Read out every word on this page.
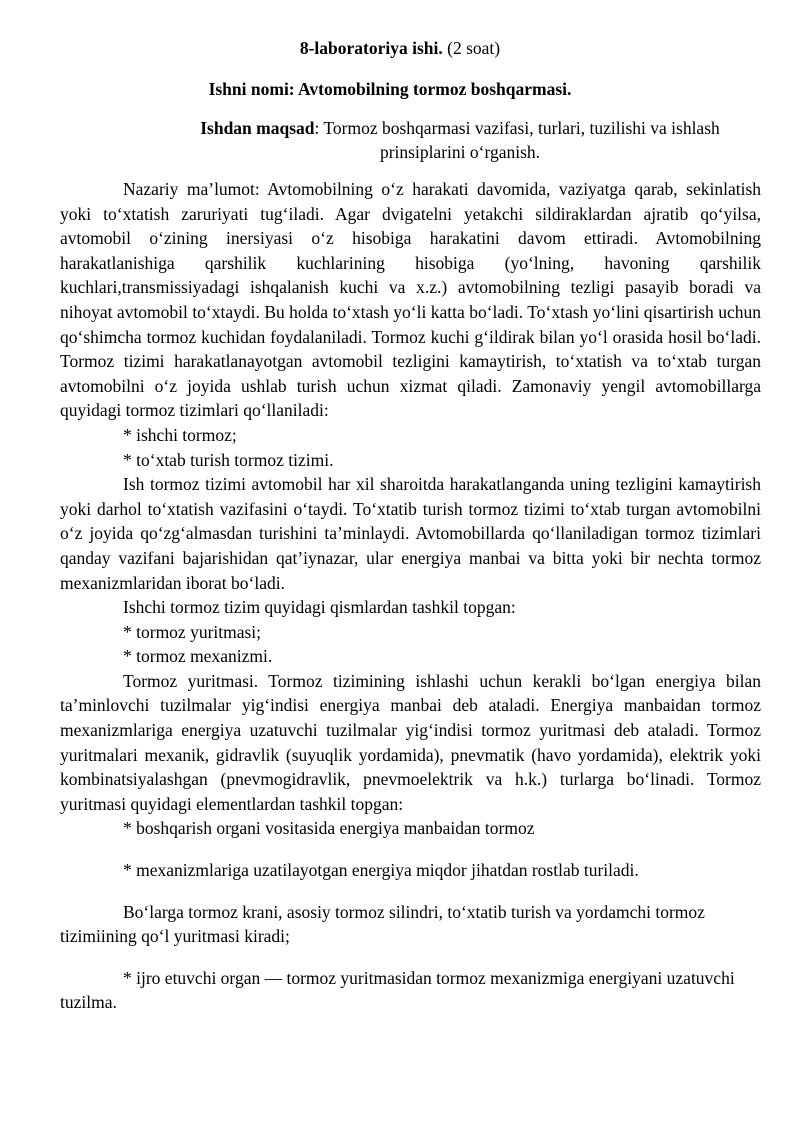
8-laboratoriya ishi. (2 soat)
Ishni nomi: Avtomobilning tormoz boshqarmasi.
Ishdan maqsad: Tormoz boshqarmasi vazifasi, turlari, tuzilishi va ishlash prinsiplarini o‘rganish.

Nazariy ma’lumot: Avtomobilning o‘z harakati davomida, vaziyatga qarab, sekinlatish yoki to‘xtatish zaruriyati tug‘iladi. Agar dvigatelni yetakchi sildiraklardan ajratib qo‘yilsa, avtomobil o‘zining inersiyasi o‘z hisobiga harakatini davom ettiradi. Avtomobilning harakatlanishiga qarshilik kuchlarining hisobiga (yo‘lning, havoning qarshilik kuchlari,transmissiyadagi ishqalanish kuchi va x.z.) avtomobilning tezligi pasayib boradi va nihoyat avtomobil to‘xtaydi. Bu holda to‘xtash yo‘li katta bo‘ladi. To‘xtash yo‘lini qisartirish uchun qo‘shimcha tormoz kuchidan foydalaniladi. Tormoz kuchi g‘ildirak bilan yo‘l orasida hosil bo‘ladi. Tormoz tizimi harakatlanayotgan avtomobil tezligini kamaytirish, to‘xtatish va to‘xtab turgan avtomobilni o‘z joyida ushlab turish uchun xizmat qiladi. Zamonaviy yengil avtomobillarga quyidagi tormoz tizimlari qo‘llaniladi:

* ishchi tormoz;

* to‘xtab turish tormoz tizimi.

Ish tormoz tizimi avtomobil har xil sharoitda harakatlanganda uning tezligini kamaytirish yoki darhol to‘xtatish vazifasini o‘taydi. To‘xtatib turish tormoz tizimi to‘xtab turgan avtomobilni o‘z joyida qo‘zg‘almasdan turishini ta’minlaydi. Avtomobillarda qo‘llaniladigan tormoz tizimlari qanday vazifani bajarishidan qat’iynazar, ular energiya manbai va bitta yoki bir nechta tormoz mexanizmlaridan iborat bo‘ladi.

Ishchi tormoz tizim quyidagi qismlardan tashkil topgan:

* tormoz yuritmasi;

* tormoz mexanizmi.

Tormoz yuritmasi. Tormoz tizimining ishlashi uchun kerakli bo‘lgan energiya bilan ta’minlovchi tuzilmalar yig‘indisi energiya manbai deb ataladi. Energiya manbaidan tormoz mexanizmlariga energiya uzatuvchi tuzilmalar yig‘indisi tormoz yuritmasi deb ataladi. Tormoz yuritmalari mexanik, gidravlik (suyuqlik yordamida), pnevmatik (havo yordamida), elektrik yoki kombinatsiyalashgan (pnevmogidravlik, pnevmoelektrik va h.k.) turlarga bo‘linadi. Tormoz yuritmasi quyidagi elementlardan tashkil topgan:

* boshqarish organi vositasida energiya manbaidan tormoz

* mexanizmlariga uzatilayotgan energiya miqdor jihatdan rostlab turiladi.

Bo‘larga tormoz krani, asosiy tormoz silindri, to‘xtatib turish va yordamchi tormoz tizimiining qo‘l yuritmasi kiradi;

* ijro etuvchi organ — tormoz yuritmasidan tormoz mexanizmiga energiyani uzatuvchi tuzilma.
